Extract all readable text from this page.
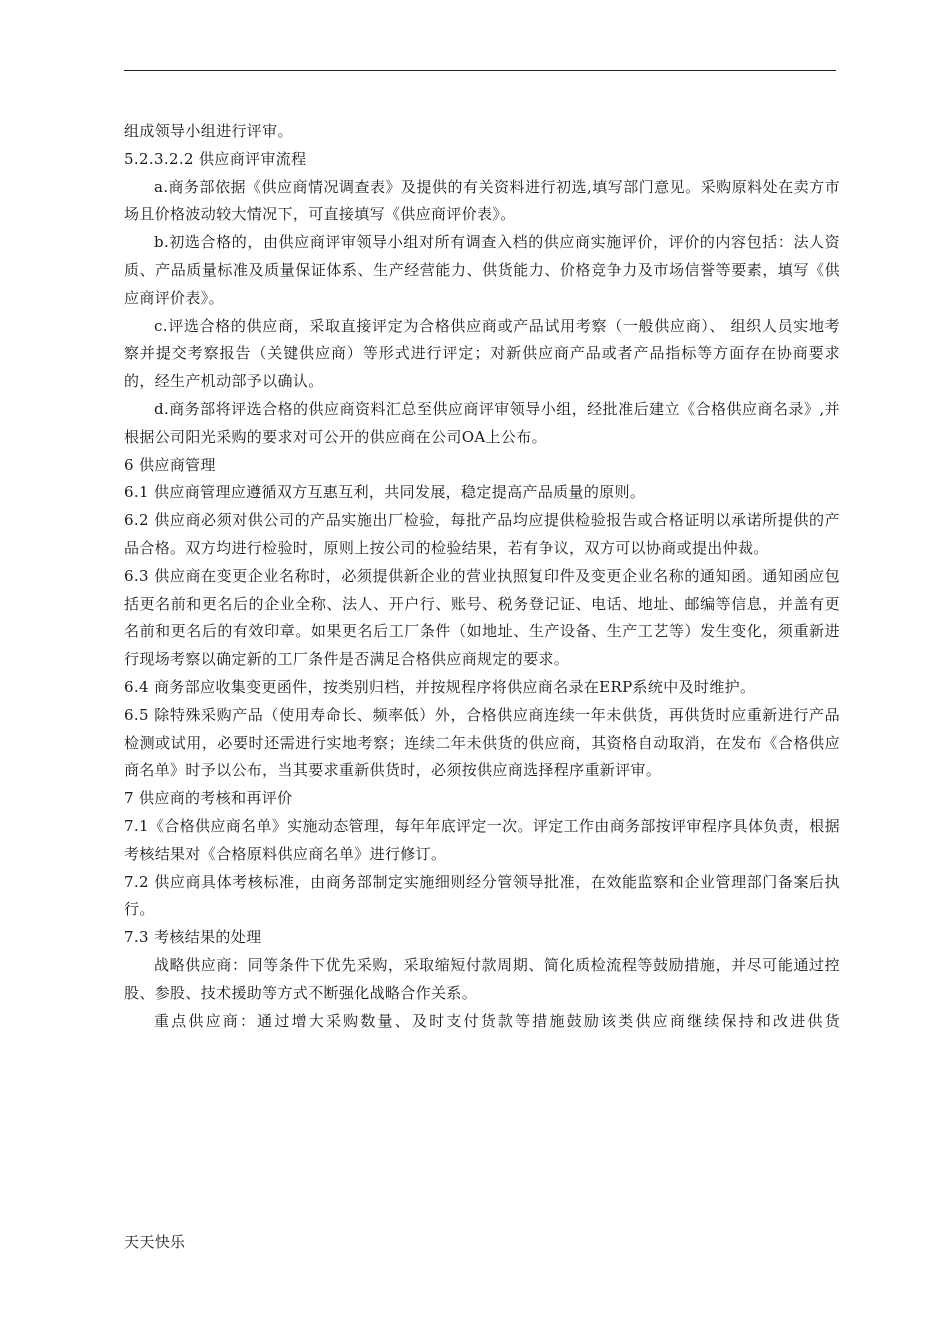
组成领导小组进行评审。

5.2.3.2.2 供应商评审流程

a.商务部依据《供应商情况调查表》及提供的有关资料进行初选,填写部门意见。采购原料处在卖方市场且价格波动较大情况下，可直接填写《供应商评价表》。

b.初选合格的，由供应商评审领导小组对所有调查入档的供应商实施评价，评价的内容包括：法人资质、产品质量标准及质量保证体系、生产经营能力、供货能力、价格竞争力及市场信誉等要素，填写《供应商评价表》。

c.评选合格的供应商，采取直接评定为合格供应商或产品试用考察（一般供应商）、 组织人员实地考察并提交考察报告（关键供应商）等形式进行评定；对新供应商产品或者产品指标等方面存在协商要求的，经生产机动部予以确认。

d.商务部将评选合格的供应商资料汇总至供应商评审领导小组，经批准后建立《合格供应商名录》,并根据公司阳光采购的要求对可公开的供应商在公司OA上公布。

6 供应商管理

6.1 供应商管理应遵循双方互惠互利，共同发展，稳定提高产品质量的原则。

6.2 供应商必须对供公司的产品实施出厂检验，每批产品均应提供检验报告或合格证明以承诺所提供的产品合格。双方均进行检验时，原则上按公司的检验结果，若有争议，双方可以协商或提出仲裁。

6.3 供应商在变更企业名称时，必须提供新企业的营业执照复印件及变更企业名称的通知函。通知函应包括更名前和更名后的企业全称、法人、开户行、账号、税务登记证、电话、地址、邮编等信息，并盖有更名前和更名后的有效印章。如果更名后工厂条件（如地址、生产设备、生产工艺等）发生变化，须重新进行现场考察以确定新的工厂条件是否满足合格供应商规定的要求。

6.4 商务部应收集变更函件，按类别归档，并按规程序将供应商名录在ERP系统中及时维护。

6.5 除特殊采购产品（使用寿命长、频率低）外，合格供应商连续一年未供货，再供货时应重新进行产品检测或试用，必要时还需进行实地考察；连续二年未供货的供应商，其资格自动取消，在发布《合格供应商名单》时予以公布，当其要求重新供货时，必须按供应商选择程序重新评审。

7 供应商的考核和再评价

7.1《合格供应商名单》实施动态管理，每年年底评定一次。评定工作由商务部按评审程序具体负责，根据考核结果对《合格原料供应商名单》进行修订。

7.2 供应商具体考核标准，由商务部制定实施细则经分管领导批准，在效能监察和企业管理部门备案后执行。

7.3 考核结果的处理

战略供应商：同等条件下优先采购，采取缩短付款周期、简化质检流程等鼓励措施，并尽可能通过控股、参股、技术援助等方式不断强化战略合作关系。

重点供应商：通过增大采购数量、及时支付货款等措施鼓励该类供应商继续保持和改进供货

天天快乐
